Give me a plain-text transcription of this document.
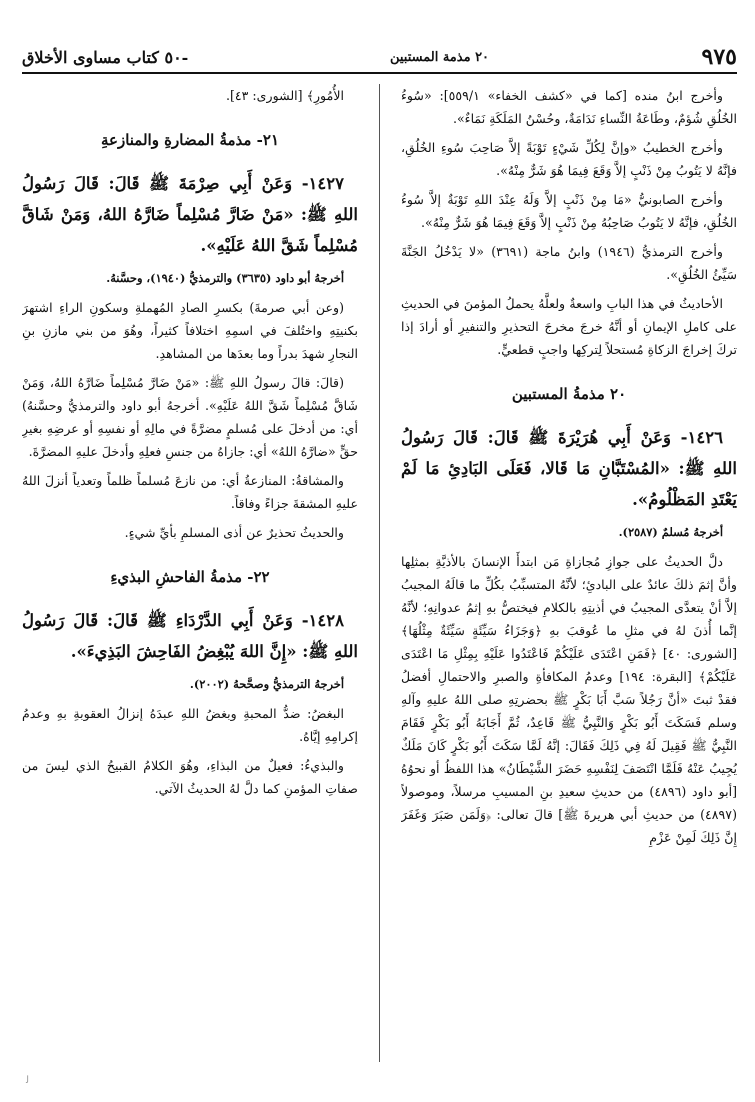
٩٧٥
٢٠ مذمة المستبين
-٥٠ كتاب مساوى الأخلاق

وأخرج ابنُ منده [كما في «كشف الخفاء» ٥٥٩/١]: «سُوءُ الخُلُقِ شُؤمٌ، وطَاعَةُ النِّساءِ نَدَامَةٌ، وحُسْنُ المَلَكَةِ نَمَاءٌ».

وأخرج الخطيبُ «وإنَّ لِكُلِّ شَيْءٍ تَوْبَةً إلاَّ صَاحِبَ سُوءِ الخُلُقِ، فإنَّهُ لا يَتُوبُ مِنْ ذَنْبٍ إلاَّ وَقَعَ فِيمَا هُوَ شَرٌّ مِنْهُ».

وأخرج الصابونيُّ «مَا مِنْ ذَنْبٍ إلاَّ وَلَهُ عِنْدَ اللهِ تَوْبَةٌ إلاَّ سُوءُ الخُلُقِ، فإنَّهُ لا يَتُوبُ صَاحِبُهُ مِنْ ذَنْبٍ إلاَّ وَقَعَ فِيمَا هُوَ شَرٌّ مِنْهُ».

وأخرج الترمذيُّ (١٩٤٦) وابنُ ماجة (٣٦٩١) «لا يَدْخُلُ الجَنَّةَ سَيِّئُ الخُلُقِ».

الأحاديثُ في هذا البابِ واسعةٌ ولعلَّهُ يحملُ المؤمنَ في الحديثِ على كاملِ الإيمانِ أو أنَّهُ خرجَ مخرجَ التحذيرِ والتنفيرِ أو أرادَ إذا تركَ إخراجَ الزكاةِ مُستحلاً لِتركِها واجبٍ قطعيٍّ.

٢٠ مذمةُ المستبين

١٤٢٦- وَعَنْ أَبِي هُرَيْرَةَ ﷺ قَالَ: قَالَ رَسُولُ اللهِ ﷺ: «المُسْتَبَّانِ مَا قَالا، فَعَلَى البَادِئِ مَا لَمْ يَعْتَدِ المَظْلُومُ».

أخرجهُ مُسلمٌ (٢٥٨٧).

دلَّ الحديثُ على جوازِ مُجازاةِ مَن ابتدأَ الإنسانَ بالأذيَّةِ بمثلِها وأنَّ إثمَ ذلكَ عائدٌ على البادئِ؛ لأنَّهُ المتسبِّبُ بكُلِّ ما قالَهُ المجيبُ إلاَّ أنْ يتعدَّى المجيبُ في أذيتِهِ بالكلامِ فيختصُّ بهِ إثمُ عدوانِهِ؛ لأنَّهُ إنَّما أُذنَ لهُ في مثلِ ما عُوقبَ بهِ ﴿وَجَزَاءُ سَيِّئَةٍ سَيِّئَةٌ مِثْلُهَا﴾ [الشورى: ٤٠] ﴿فَمَنِ اعْتَدَى عَلَيْكُمْ فَاعْتَدُوا عَلَيْهِ بِمِثْلِ مَا اعْتَدَى عَلَيْكُمْ﴾ [البقرة: ١٩٤] وعدمُ المكافأةِ والصبرِ والاحتمالِ أفضلُ فقدْ ثبتَ «أنَّ رَجُلاً سَبَّ أَبَا بَكْرٍ ﷺ بحضرتِهِ صلى اللهُ عليهِ وآلهِ وسلم فَسَكَتَ أَبُو بَكْرٍ وَالنَّبِيُّ ﷺ قَاعِدٌ، ثُمَّ أَجَابَهُ أَبُو بَكْرٍ فَقَامَ النَّبِيُّ ﷺ فَقِيلَ لَهُ فِي ذَلِكَ فَقَالَ: إنَّهُ لَمَّا سَكَتَ أَبُو بَكْرٍ كَانَ مَلَكٌ يُجِيبُ عَنْهُ فَلَمَّا انْتَصَفَ لِنَفْسِهِ حَضَرَ الشَّيْطَانُ» هذا اللفظُ أو نحوُهُ [أبو داود (٤٨٩٦) من حديثِ سعيدِ بنِ المسيبِ مرسلاً، وموصولاً (٤٨٩٧) من حديثِ أبي هريرةَ ﷺ] قالَ تعالى: ﴿وَلَمَن صَبَرَ وَغَفَرَ إِنَّ ذَلِكَ لَمِنْ عَزْمِ

الأُمُورِ﴾ [الشورى: ٤٣].

٢١- مذمةُ المضارةِ والمنازعةِ

١٤٢٧- وَعَنْ أَبِي صِرْمَةَ ﷺ قَالَ: قَالَ رَسُولُ اللهِ ﷺ: «مَنْ ضَارَّ مُسْلِماً ضَارَّهُ اللهُ، وَمَنْ شَاقَّ مُسْلِماً شَقَّ اللهُ عَلَيْهِ».

أخرجهُ أبو داود (٣٦٣٥) والترمذيُّ (١٩٤٠)، وحسَّنهُ.

(وعن أبي صرمةَ) بكسرِ الصادِ المُهملةِ وسكونِ الراءِ اشتهرَ بكنيتِهِ واختُلفَ في اسمِهِ اختلافاً كثيراً، وهُوَ من بني مازنِ بنِ النجارِ شهدَ بدراً وما بعدَها من المشاهدِ.

(قالَ: قالَ رسولُ اللهِ ﷺ: «مَنْ ضَارَّ مُسْلِماً ضَارَّهُ اللهُ، وَمَنْ شَاقَّ مُسْلِماً شَقَّ اللهُ عَلَيْهِ». أخرجهُ أبو داود والترمذيُّ وحسَّنهُ) أي: من أدخلَ على مُسلمٍ مضرَّةً في مالِهِ أو نفسِهِ أو عرضِهِ بغيرِ حقٍّ «ضارَّهُ اللهُ» أي: جازاهُ من جنسِ فعلِهِ وأدخلَ عليهِ المضرَّةَ.

والمشاقةُ: المنازعةُ أي: من نازعَ مُسلماً ظلماً وتعدياً أنزلَ اللهُ عليهِ المشقةَ جزاءً وفاقاً.

والحديثُ تحذيرٌ عن أذى المسلمِ بأيِّ شيءٍ.

٢٢- مذمةُ الفاحشِ البذيءِ

١٤٢٨- وَعَنْ أَبِي الدَّرْدَاءِ ﷺ قَالَ: قَالَ رَسُولُ اللهِ ﷺ: «إِنَّ اللهَ يُبْغِضُ الفَاحِشَ البَذِيءَ».

أخرجهُ الترمذيُّ وصحَّحهُ (٢٠٠٢).

البغضُ: ضدُّ المحبةِ وبغضُ اللهِ عبدَهُ إنزالُ العقوبةِ بهِ وعدمُ إكرامِهِ إيَّاهُ.

والبذيءُ: فعيلٌ من البذاءِ، وهُوَ الكلامُ القبيحُ الذي ليسَ من صفاتِ المؤمنِ كما دلَّ لهُ الحديثُ الآتي.

ﻟ
